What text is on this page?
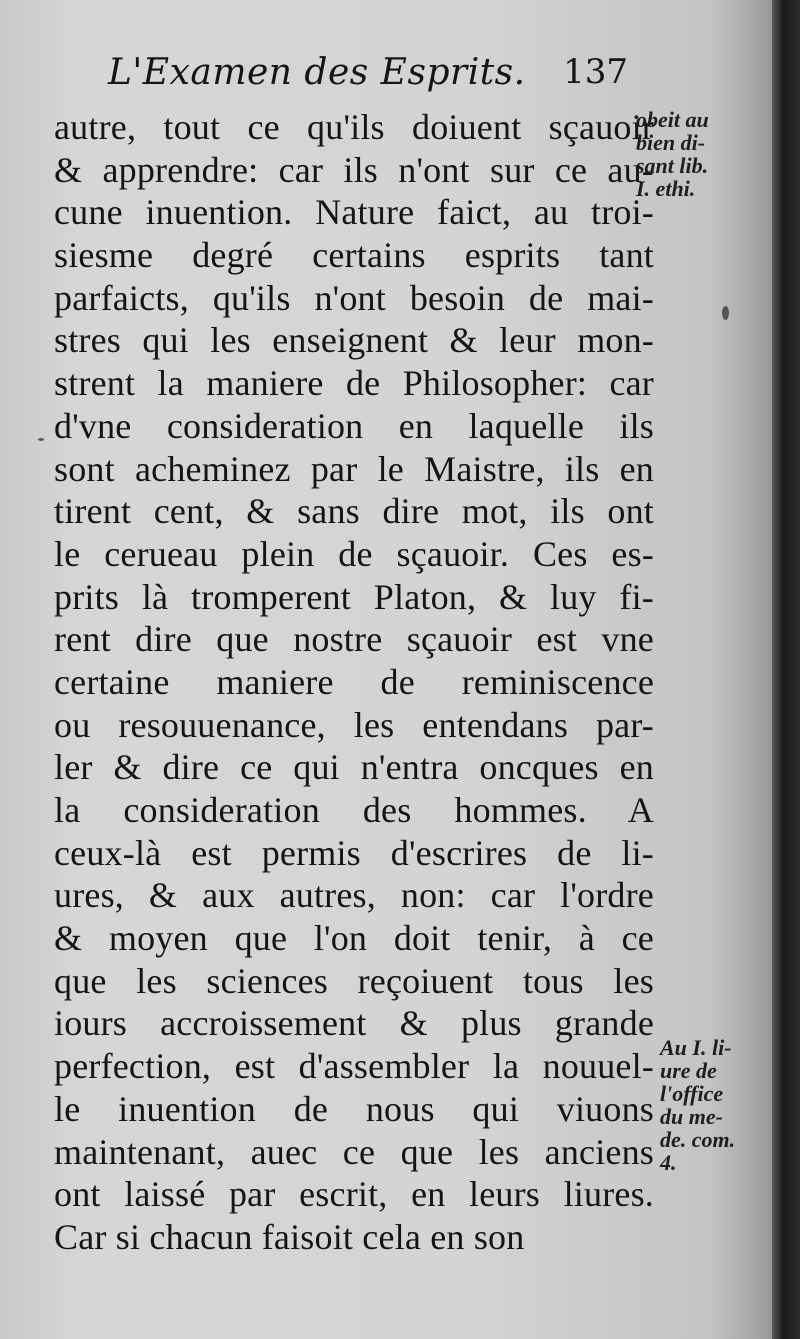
L'Examen des Esprits. 137
autre, tout ce qu'ils doiuent sçauoir
& apprendre: car ils n'ont sur ce au-
cune inuention. Nature faict, au troi-
siesme degré certains esprits tant
parfaicts, qu'ils n'ont besoin de mai-
stres qui les enseignent & leur mon-
strent la maniere de Philosopher: car
d'vne consideration en laquelle ils
sont acheminez par le Maistre, ils en
tirent cent, & sans dire mot, ils ont
le cerueau plein de sçauoir. Ces es-
prits là tromperent Platon, & luy fi-
rent dire que nostre sçauoir est vne
certaine maniere de reminiscence
ou resouuenance, les entendans par-
ler & dire ce qui n'entra oncques en
la consideration des hommes. A
ceux-là est permis d'escrires de li-
ures, & aux autres, non: car l'ordre
& moyen que l'on doit tenir, à ce
que les sciences reçoiuent tous les
iours accroissement & plus grande
perfection, est d'assembler la nouuel-
le inuention de nous qui viuons
maintenant, auec ce que les anciens
ont laissé par escrit, en leurs liures.
Car si chacun faisoit cela en son
obeit au
bien di-
sant lib.
I. ethi.
Au I. li-
ure de
l'office
du me-
de. com.
4.
